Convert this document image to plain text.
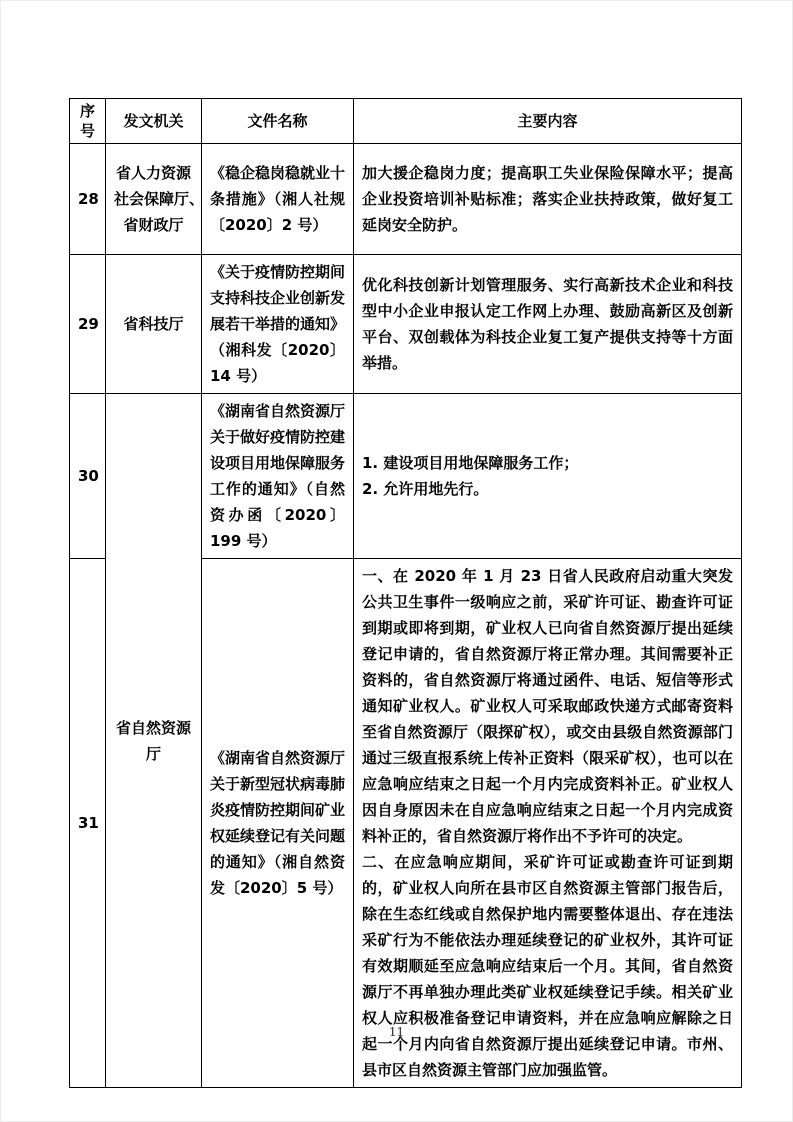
序号	发文机关	文件名称	主要内容
28	省人力资源
社会保障厅、
省财政厅	《稳企稳岗稳就业十条措施》（湘人社规〔2020〕2 号）	加大援企稳岗力度；提高职工失业保险保障水平；提高企业投资培训补贴标准；落实企业扶持政策，做好复工延岗安全防护。
29	省科技厅	《关于疫情防控期间支持科技企业创新发展若干举措的通知》（湘科发〔2020〕14 号）	优化科技创新计划管理服务、实行高新技术企业和科技型中小企业申报认定工作网上办理、鼓励高新区及创新平台、双创载体为科技企业复工复产提供支持等十方面举措。
30	省自然资源厅	《湖南省自然资源厅关于做好疫情防控建设项目用地保障服务工作的通知》（自然资办函〔2020〕199 号）	1. 建设项目用地保障服务工作；

2. 允许用地先行。

31		《湖南省自然资源厅关于新型冠状病毒肺炎疫情防控期间矿业权延续登记有关问题的通知》（湘自然资发〔2020〕5 号）	一、在 2020 年 1 月 23 日省人民政府启动重大突发公共卫生事件一级响应之前，采矿许可证、勘查许可证到期或即将到期，矿业权人已向省自然资源厅提出延续登记申请的，省自然资源厅将正常办理。其间需要补正资料的，省自然资源厅将通过函件、电话、短信等形式通知矿业权人。矿业权人可采取邮政快递方式邮寄资料至省自然资源厅（限探矿权），或交由县级自然资源部门通过三级直报系统上传补正资料（限采矿权），也可以在应急响应结束之日起一个月内完成资料补正。矿业权人因自身原因未在自应急响应结束之日起一个月内完成资料补正的，省自然资源厅将作出不予许可的决定。

二、在应急响应期间，采矿许可证或勘查许可证到期的，矿业权人向所在县市区自然资源主管部门报告后，除在生态红线或自然保护地内需要整体退出、存在违法采矿行为不能依法办理延续登记的矿业权外，其许可证有效期顺延至应急响应结束后一个月。其间，省自然资源厅不再单独办理此类矿业权延续登记手续。相关矿业权人应积极准备登记申请资料，并在应急响应解除之日起一个月内向省自然资源厅提出延续登记申请。市州、县市区自然资源主管部门应加强监管。

11
